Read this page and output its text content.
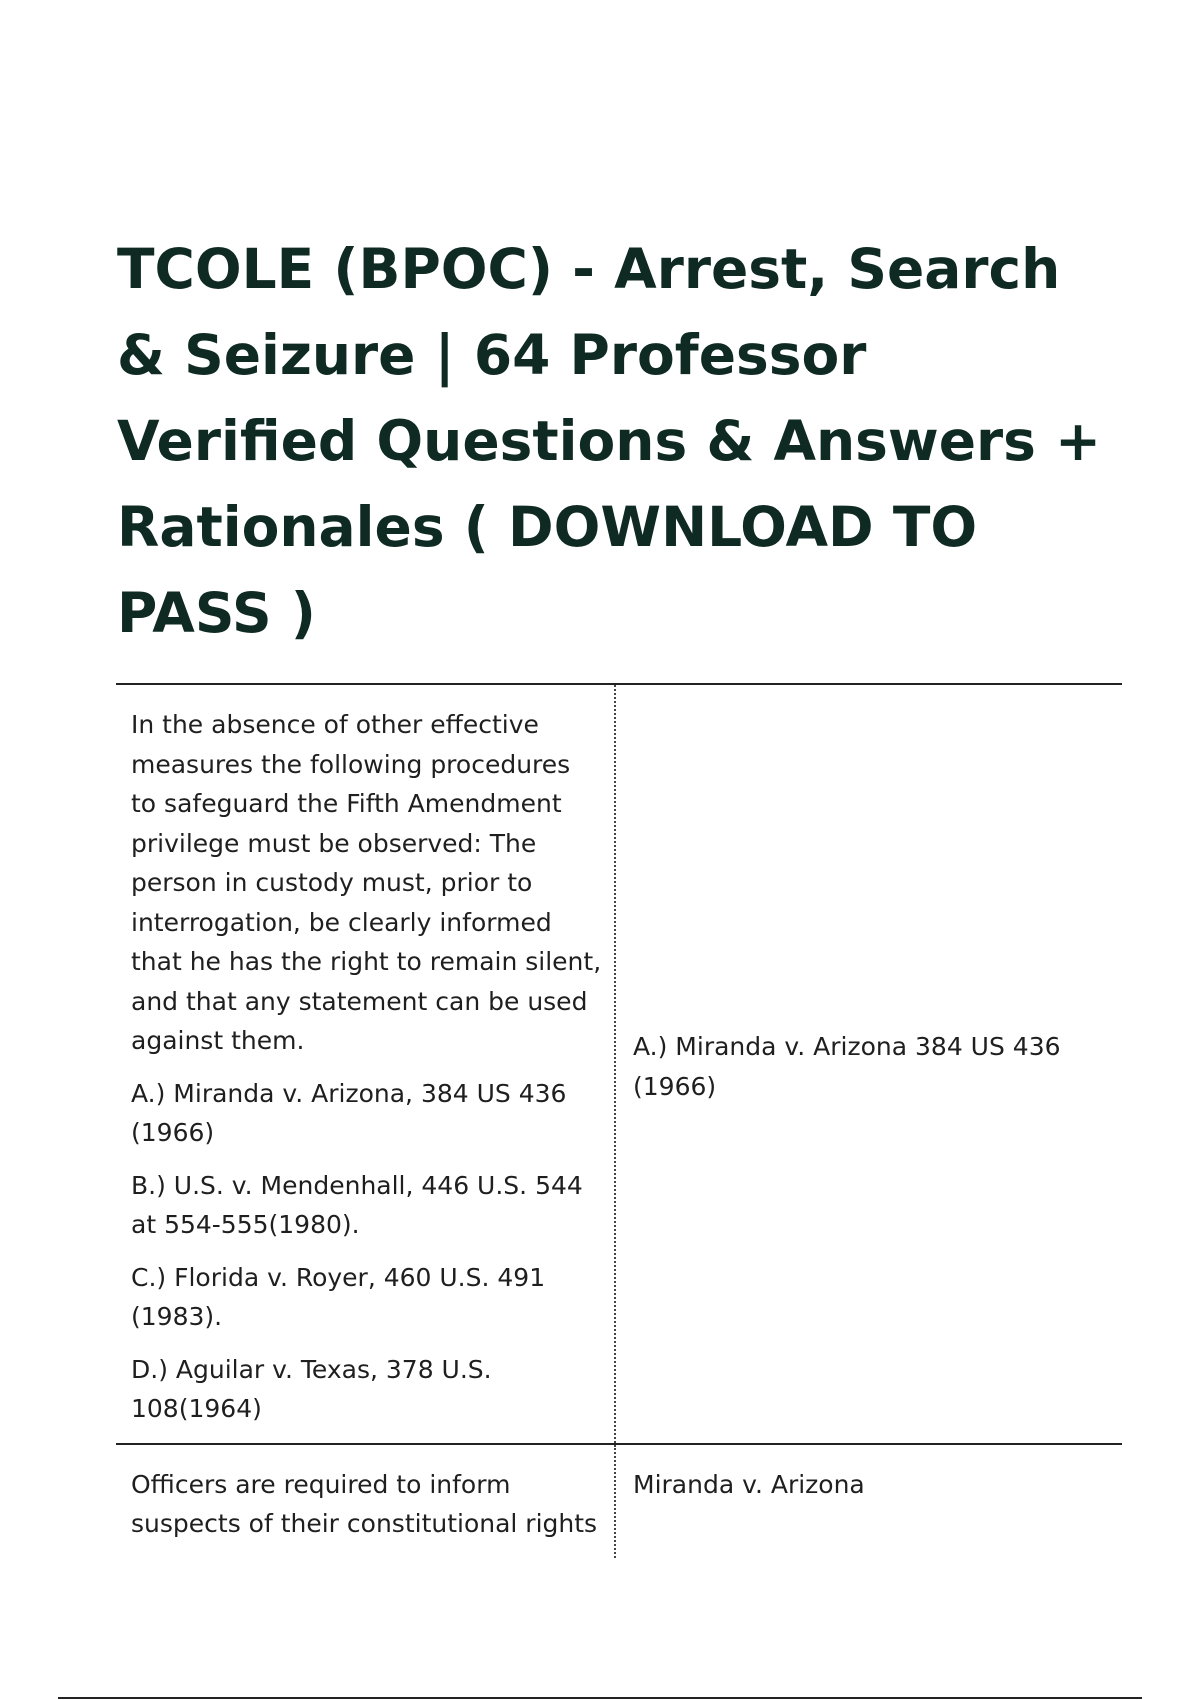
TCOLE (BPOC) - Arrest, Search & Seizure | 64 Professor Verified Questions & Answers + Rationales ( DOWNLOAD TO PASS )

In the absence of other effective measures the following procedures to safeguard the Fifth Amendment privilege must be observed: The person in custody must, prior to interrogation, be clearly informed that he has the right to remain silent, and that any statement can be used against them.

A.) Miranda v. Arizona, 384 US 436 (1966)

B.) U.S. v. Mendenhall, 446 U.S. 544 at 554-555(1980).

C.) Florida v. Royer, 460 U.S. 491 (1983).

D.) Aguilar v. Texas, 378 U.S. 108(1964)

A.) Miranda v. Arizona 384 US 436 (1966)

Officers are required to inform suspects of their constitutional rights

Miranda v. Arizona
